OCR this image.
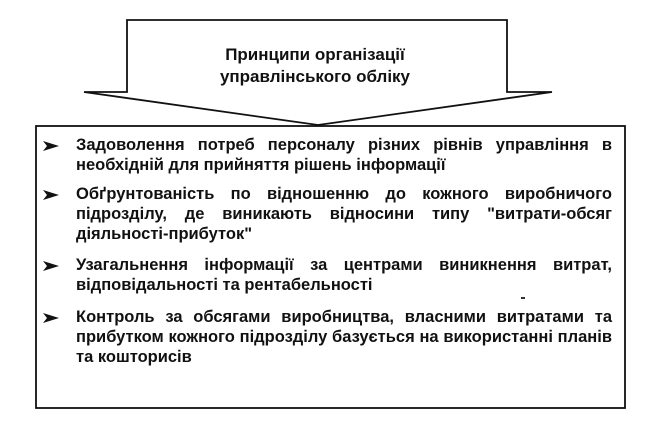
Принципи організації
управлінського обліку
Задоволення потреб персоналу різних рівнів управління в необхідній для прийняття рішень інформації
Обґрунтованість по відношенню до кожного виробничого підрозділу, де виникають відносини типу "витрати-обсяг діяльності-прибуток"
Узагальнення інформації за центрами виникнення витрат, відповідальності та рентабельності
Контроль за обсягами виробництва, власними витратами та прибутком кожного підрозділу базується на використанні планів та кошторисів
